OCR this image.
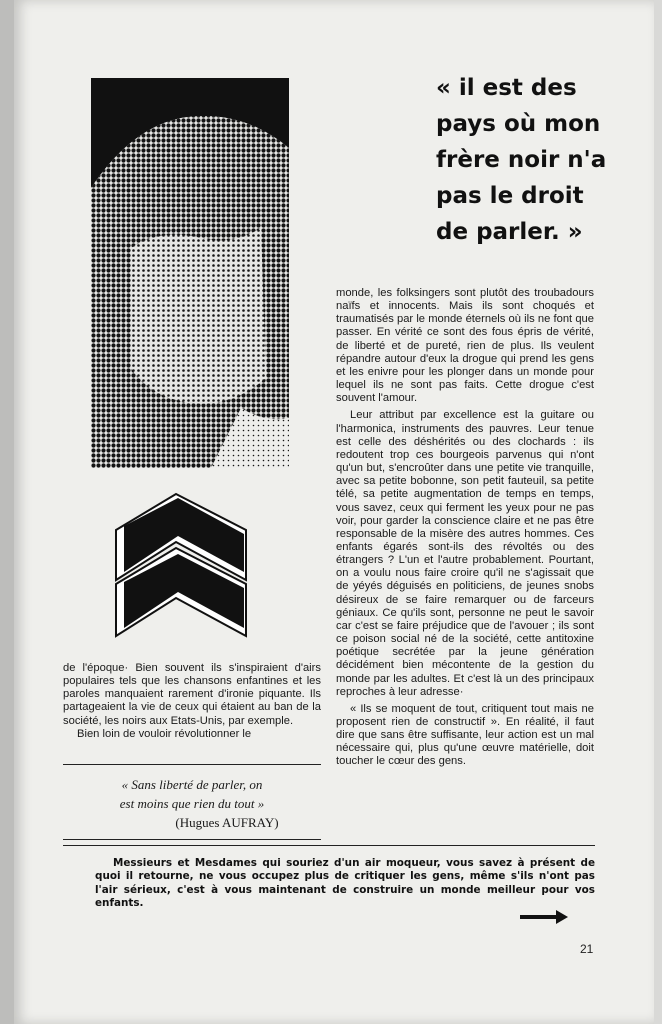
« il est des
pays où mon
frère noir n'a
pas le droit
de parler. »

monde, les folksingers sont plutôt des troubadours naïfs et innocents. Mais ils sont choqués et traumatisés par le monde éternels où ils ne font que passer. En vérité ce sont des fous épris de vérité, de liberté et de pureté, rien de plus. Ils veulent répandre autour d'eux la drogue qui prend les gens et les enivre pour les plonger dans un monde pour lequel ils ne sont pas faits. Cette drogue c'est souvent l'amour.

Leur attribut par excellence est la guitare ou l'harmonica, instruments des pauvres. Leur tenue est celle des déshérités ou des clochards : ils redoutent trop ces bourgeois parvenus qui n'ont qu'un but, s'encroûter dans une petite vie tranquille, avec sa petite bobonne, son petit fauteuil, sa petite télé, sa petite augmentation de temps en temps, vous savez, ceux qui ferment les yeux pour ne pas voir, pour garder la conscience claire et ne pas être responsable de la misère des autres hommes. Ces enfants égarés sont-ils des révoltés ou des étrangers ? L'un et l'autre probablement. Pourtant, on a voulu nous faire croire qu'il ne s'agissait que de yéyés déguisés en politiciens, de jeunes snobs désireux de se faire remarquer ou de farceurs géniaux. Ce qu'ils sont, personne ne peut le savoir car c'est se faire préjudice que de l'avouer ; ils sont ce poison social né de la société, cette antitoxine poétique secrétée par la jeune génération décidément bien mécontente de la gestion du monde par les adultes. Et c'est là un des principaux reproches à leur adresse·

« Ils se moquent de tout, critiquent tout mais ne proposent rien de constructif ». En réalité, il faut dire que sans être suffisante, leur action est un mal nécessaire qui, plus qu'une œuvre matérielle, doit toucher le cœur des gens.

de l'époque· Bien souvent ils s'inspiraient d'airs populaires tels que les chansons enfantines et les paroles manquaient rarement d'ironie piquante. Ils partageaient la vie de ceux qui étaient au ban de la société, les noirs aux Etats-Unis, par exemple.

Bien loin de vouloir révolutionner le

« Sans liberté de parler, on
est moins que rien du tout »
(Hugues AUFRAY)

Messieurs et Mesdames qui souriez d'un air moqueur, vous savez à présent de quoi il retourne, ne vous occupez plus de critiquer les gens, même s'ils n'ont pas l'air sérieux, c'est à vous maintenant de construire un monde meilleur pour vos enfants.

21
